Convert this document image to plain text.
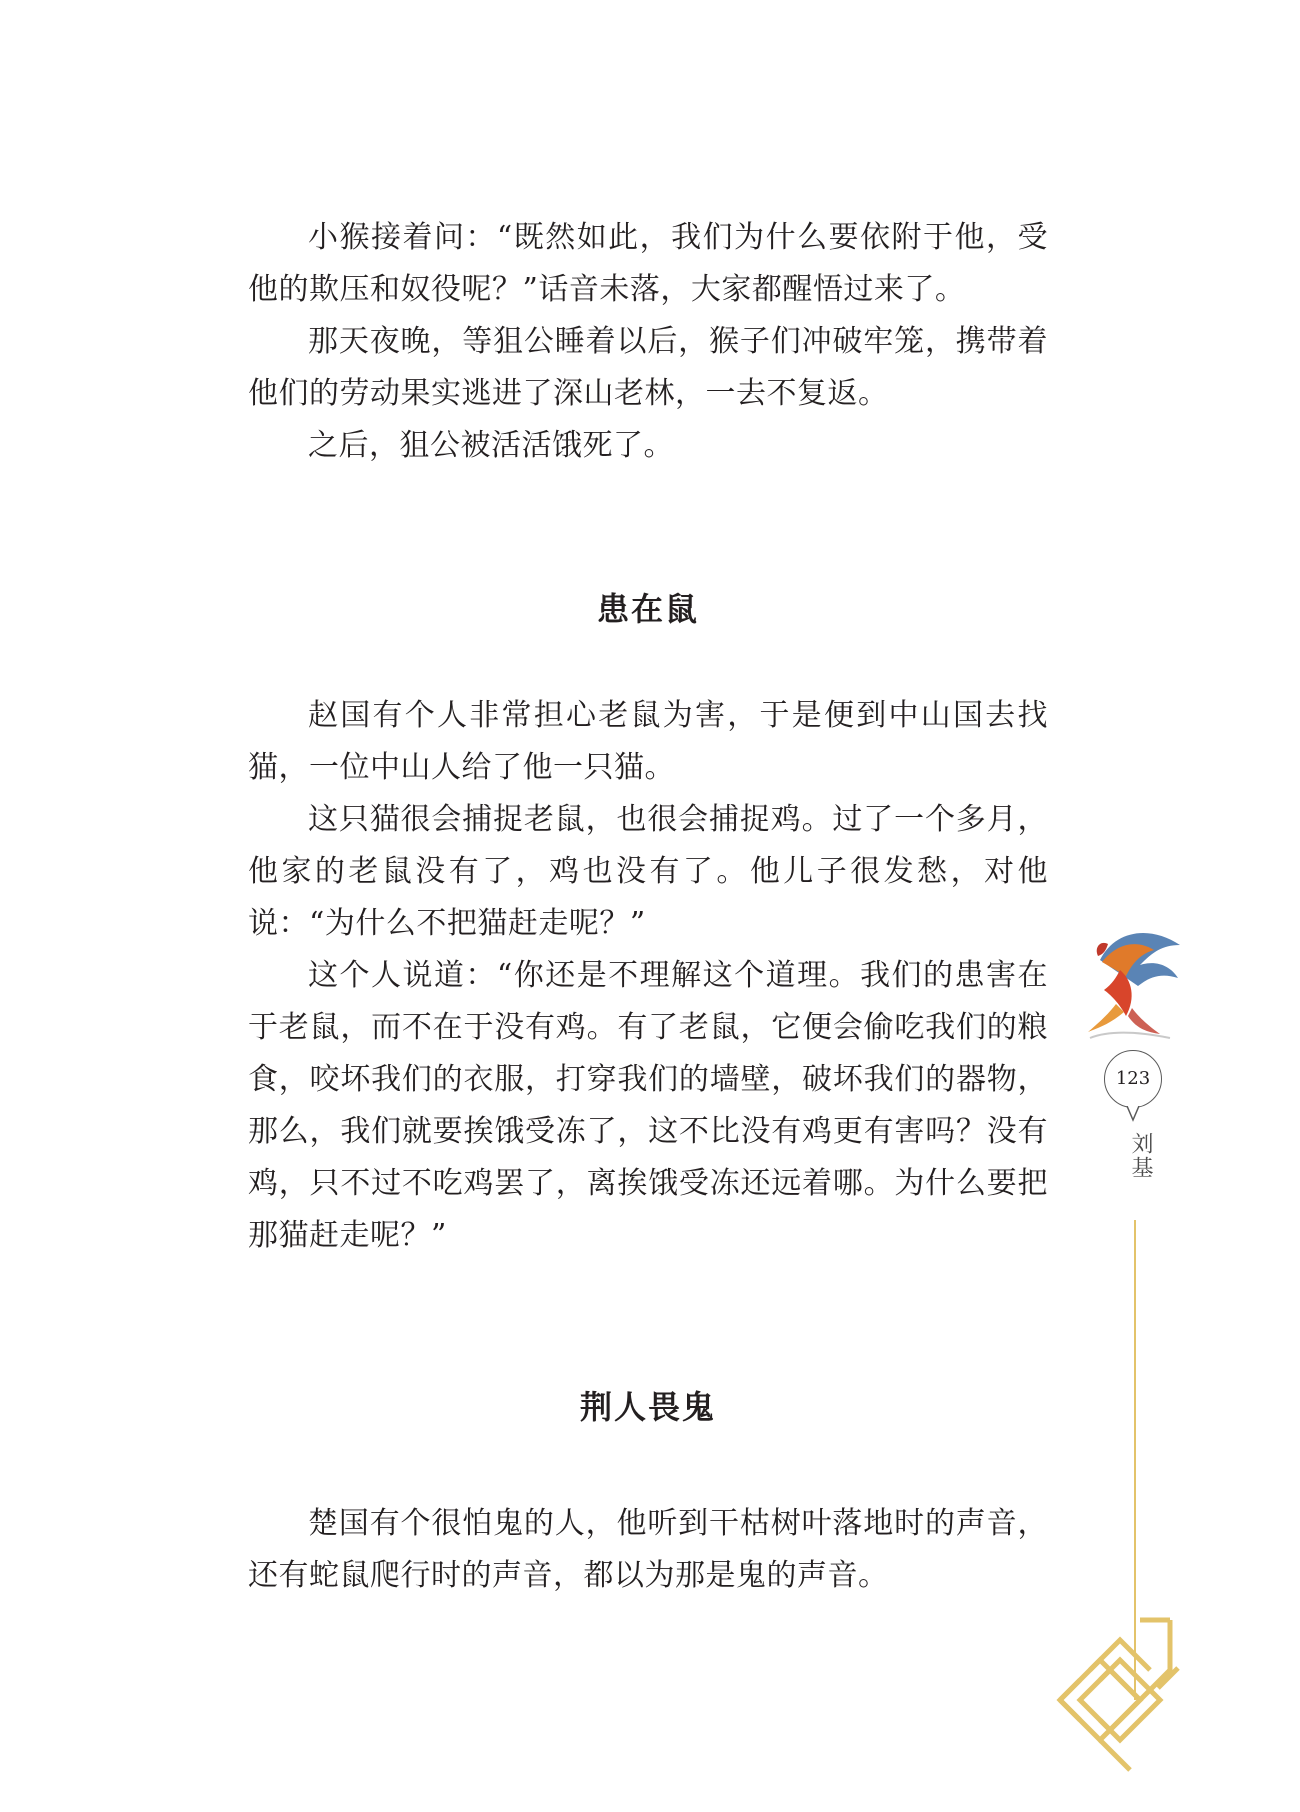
小猴接着问：“既然如此，我们为什么要依附于他，受他的欺压和奴役呢？”话音未落，大家都醒悟过来了。

那天夜晚，等狙公睡着以后，猴子们冲破牢笼，携带着他们的劳动果实逃进了深山老林，一去不复返。

之后，狙公被活活饿死了。

患在鼠

赵国有个人非常担心老鼠为害，于是便到中山国去找猫，一位中山人给了他一只猫。

这只猫很会捕捉老鼠，也很会捕捉鸡。过了一个多月，他家的老鼠没有了，鸡也没有了。他儿子很发愁，对他说：“为什么不把猫赶走呢？”

这个人说道：“你还是不理解这个道理。我们的患害在于老鼠，而不在于没有鸡。有了老鼠，它便会偷吃我们的粮食，咬坏我们的衣服，打穿我们的墙壁，破坏我们的器物，那么，我们就要挨饿受冻了，这不比没有鸡更有害吗？没有鸡，只不过不吃鸡罢了，离挨饿受冻还远着哪。为什么要把那猫赶走呢？”

荆人畏鬼

楚国有个很怕鬼的人，他听到干枯树叶落地时的声音，还有蛇鼠爬行时的声音，都以为那是鬼的声音。

123
刘基
